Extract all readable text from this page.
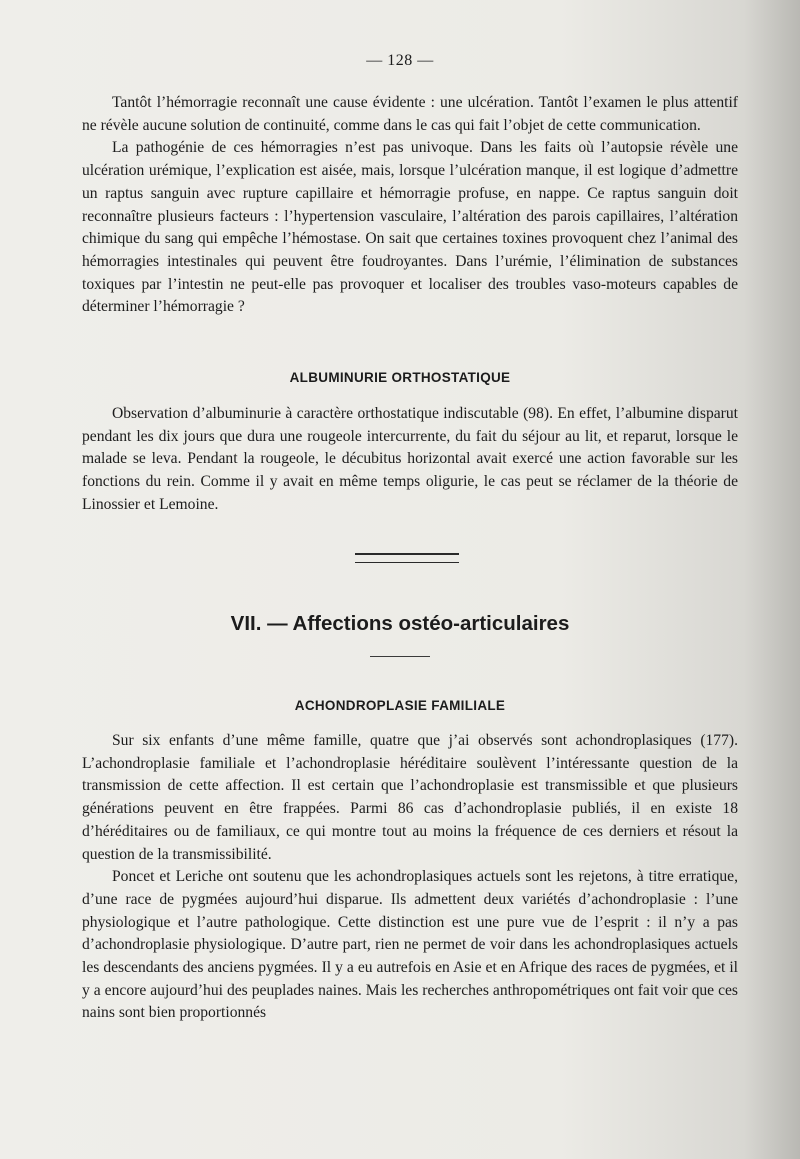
— 128 —

Tantôt l’hémorragie reconnaît une cause évidente : une ulcération. Tantôt l’examen le plus attentif ne révèle aucune solution de continuité, comme dans le cas qui fait l’objet de cette communication.

La pathogénie de ces hémorragies n’est pas univoque. Dans les faits où l’autopsie révèle une ulcération urémique, l’explication est aisée, mais, lorsque l’ulcération manque, il est logique d’admettre un raptus sanguin avec rupture capillaire et hémorragie profuse, en nappe. Ce raptus sanguin doit reconnaître plusieurs facteurs : l’hypertension vasculaire, l’altération des parois capillaires, l’altération chimique du sang qui empêche l’hémostase. On sait que certaines toxines provoquent chez l’animal des hémorragies intestinales qui peuvent être foudroyantes. Dans l’urémie, l’élimination de substances toxiques par l’intestin ne peut-elle pas provoquer et localiser des troubles vaso-moteurs capables de déterminer l’hémorragie ?

ALBUMINURIE ORTHOSTATIQUE

Observation d’albuminurie à caractère orthostatique indiscutable (98). En effet, l’albumine disparut pendant les dix jours que dura une rougeole intercurrente, du fait du séjour au lit, et reparut, lorsque le malade se leva. Pendant la rougeole, le décubitus horizontal avait exercé une action favorable sur les fonctions du rein. Comme il y avait en même temps oligurie, le cas peut se réclamer de la théorie de Linossier et Lemoine.

VII. — Affections ostéo-articulaires
ACHONDROPLASIE FAMILIALE

Sur six enfants d’une même famille, quatre que j’ai observés sont achondroplasiques (177). L’achondroplasie familiale et l’achondroplasie héréditaire soulèvent l’intéressante question de la transmission de cette affection. Il est certain que l’achondroplasie est transmissible et que plusieurs générations peuvent en être frappées. Parmi 86 cas d’achondroplasie publiés, il en existe 18 d’héréditaires ou de familiaux, ce qui montre tout au moins la fréquence de ces derniers et résout la question de la transmissibilité.

Poncet et Leriche ont soutenu que les achondroplasiques actuels sont les rejetons, à titre erratique, d’une race de pygmées aujourd’hui disparue. Ils admettent deux variétés d’achondroplasie : l’une physiologique et l’autre pathologique. Cette distinction est une pure vue de l’esprit : il n’y a pas d’achondroplasie physiologique. D’autre part, rien ne permet de voir dans les achondroplasiques actuels les descendants des anciens pygmées. Il y a eu autrefois en Asie et en Afrique des races de pygmées, et il y a encore aujourd’hui des peuplades naines. Mais les recherches anthropométriques ont fait voir que ces nains sont bien proportionnés
